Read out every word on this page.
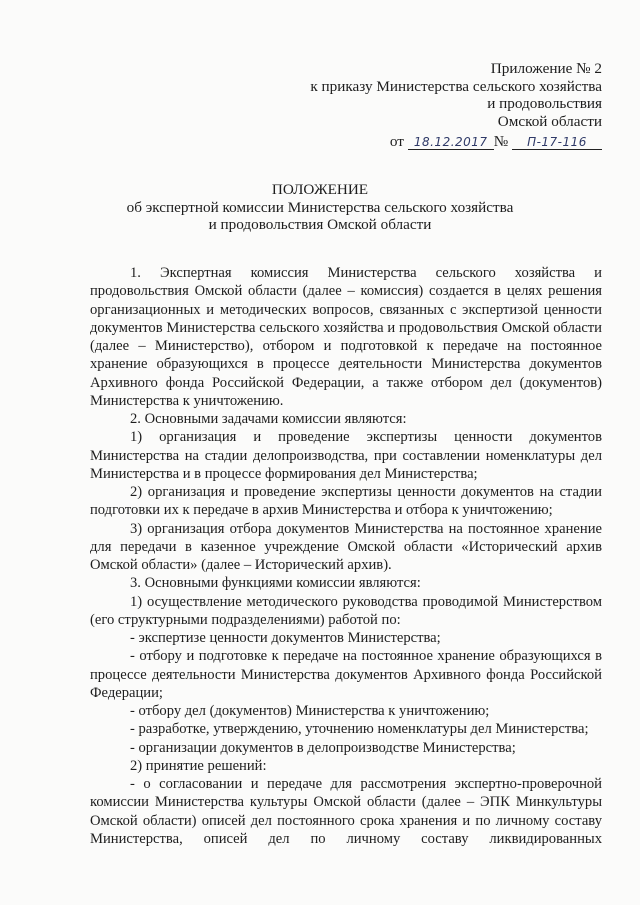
Приложение № 2
к приказу Министерства сельского хозяйства
и продовольствия
Омской области
от 18.12.2017 № П-17-116
ПОЛОЖЕНИЕ
об экспертной комиссии Министерства сельского хозяйства
и продовольствия Омской области

1. Экспертная комиссия Министерства сельского хозяйства и продовольствия Омской области (далее – комиссия) создается в целях решения организационных и методических вопросов, связанных с экспертизой ценности документов Министерства сельского хозяйства и продовольствия Омской области (далее – Министерство), отбором и подготовкой к передаче на постоянное хранение образующихся в процессе деятельности Министерства документов Архивного фонда Российской Федерации, а также отбором дел (документов) Министерства к уничтожению.

2. Основными задачами комиссии являются:

1) организация и проведение экспертизы ценности документов Министерства на стадии делопроизводства, при составлении номенклатуры дел Министерства и в процессе формирования дел Министерства;

2) организация и проведение экспертизы ценности документов на стадии подготовки их к передаче в архив Министерства и отбора к уничтожению;

3) организация отбора документов Министерства на постоянное хранение для передачи в казенное учреждение Омской области «Исторический архив Омской области» (далее – Исторический архив).

3. Основными функциями комиссии являются:

1) осуществление методического руководства проводимой Министерством (его структурными подразделениями) работой по:

- экспертизе ценности документов Министерства;

- отбору и подготовке к передаче на постоянное хранение образующихся в процессе деятельности Министерства документов Архивного фонда Российской Федерации;

- отбору дел (документов) Министерства к уничтожению;

- разработке, утверждению, уточнению номенклатуры дел Министерства;

- организации документов в делопроизводстве Министерства;

2) принятие решений:

- о согласовании и передаче для рассмотрения экспертно-проверочной комиссии Министерства культуры Омской области (далее – ЭПК Минкультуры Омской области) описей дел постоянного срока хранения и по личному составу Министерства, описей дел по личному составу ликвидированных
